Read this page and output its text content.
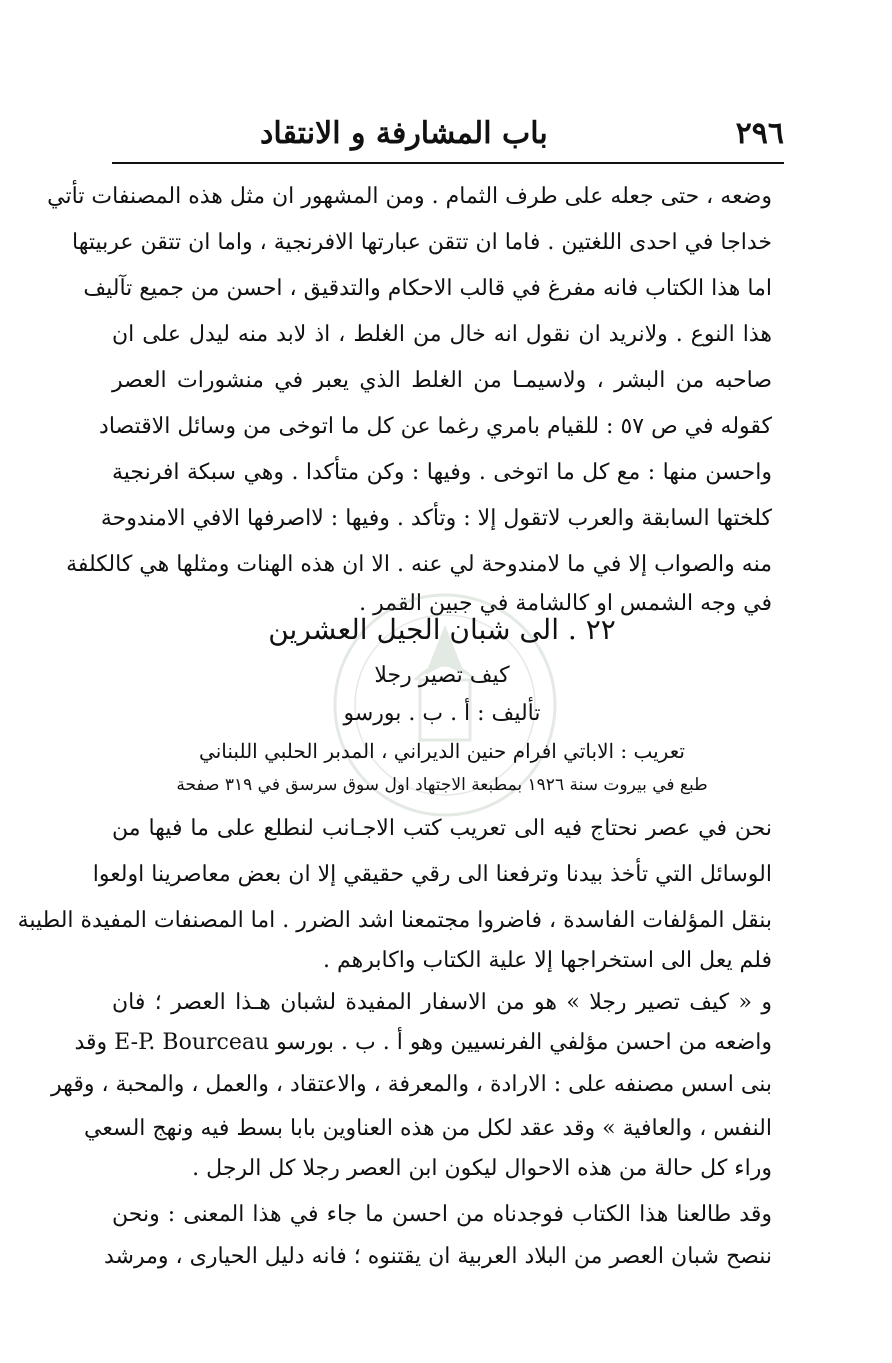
٢٩٦
باب المشارفة و الانتقاد
وضعه ، حتى جعله على طرف الثمام . ومن المشهور ان مثل هذه المصنفات تأتي
خداجا في احدى اللغتين . فاما ان تتقن عبارتها الافرنجية ، واما ان تتقن عربيتها
اما هذا الكتاب فانه مفرغ في قالب الاحكام والتدقيق ، احسن من جميع تآليف
هذا النوع . ولانريد ان نقول انه خال من الغلط ، اذ لابد منه ليدل على ان
صاحبه من البشر ، ولاسيمـا من الغلط الذي يعبر في منشورات العصر
كقوله في ص ٥٧ : للقيام بامري رغما عن كل ما اتوخى من وسائل الاقتصاد
واحسن منها : مع كل ما اتوخى . وفيها : وكن متأكدا . وهي سبكة افرنجية
كلختها السابقة والعرب لاتقول إلا : وتأكد . وفيها : لااصرفها الافي الامندوحة
منه والصواب إلا في ما لامندوحة لي عنه . الا ان هذه الهنات ومثلها هي كالكلفة
في وجه الشمس او كالشامة في جبين القمر .
٢٢ . الى شبان الجيل العشرين
كيف تصير رجلا
تأليف : أ . ب . بورسو
تعريب : الاباتي افرام حنين الديراني ، المدبر الحلبي اللبناني
طبع في بيروت سنة ١٩٢٦ بمطبعة الاجتهاد اول سوق سرسق في ٣١٩ صفحة
نحن في عصر نحتاج فيه الى تعريب كتب الاجـانب لنطلع على ما فيها من
الوسائل التي تأخذ بيدنا وترفعنا الى رقي حقيقي إلا ان بعض معاصرينا اولعوا
بنقل المؤلفات الفاسدة ، فاضروا مجتمعنا اشد الضرر . اما المصنفات المفيدة الطيبة
فلم يعل الى استخراجها إلا علية الكتاب واكابرهم .
و « كيف تصير رجلا » هو من الاسفار المفيدة لشبان هـذا العصر ؛ فان
واضعه من احسن مؤلفي الفرنسيين وهو أ . ب . بورسو E-P. Bourceau وقد
بنى اسس مصنفه على : الارادة ، والمعرفة ، والاعتقاد ، والعمل ، والمحبة ، وقهر
النفس ، والعافية » وقد عقد لكل من هذه العناوين بابا بسط فيه ونهج السعي
وراء كل حالة من هذه الاحوال ليكون ابن العصر رجلا كل الرجل .
وقد طالعنا هذا الكتاب فوجدناه من احسن ما جاء في هذا المعنى : ونحن
ننصح شبان العصر من البلاد العربية ان يقتنوه ؛ فانه دليل الحيارى ، ومرشد
